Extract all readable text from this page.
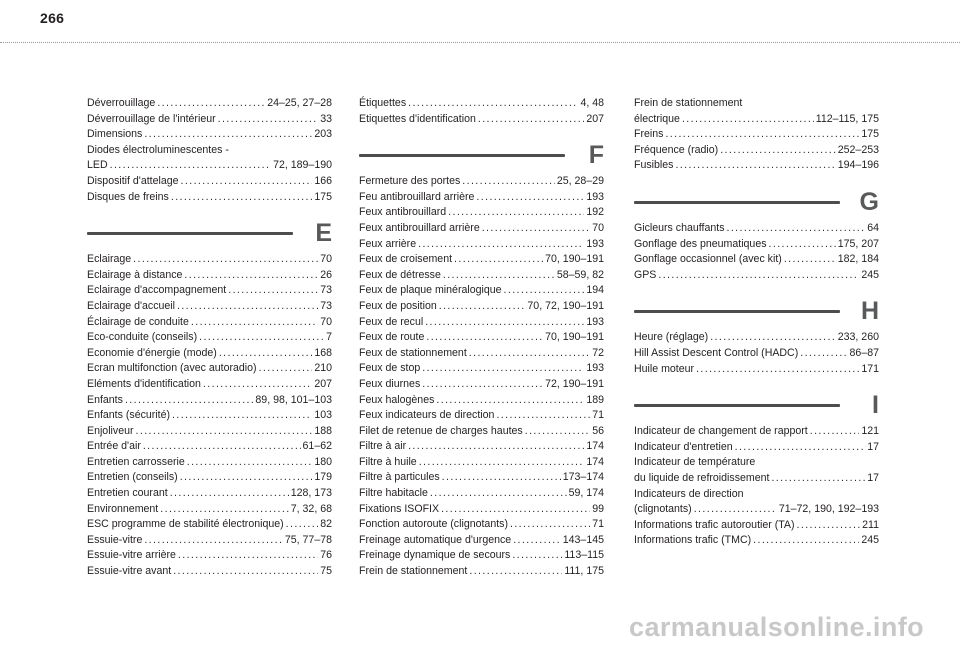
266
Déverrouillage .....	24–25, 27–28
Déverrouillage de l'intérieur .....	33
Dimensions .....	203
Diodes électroluminescentes -
LED .....	72, 189–190
Dispositif d'attelage .....	166
Disques de freins .....	175
E
Eclairage .....	70
Eclairage à distance .....	26
Eclairage d'accompagnement .....	73
Eclairage d'accueil .....	73
Éclairage de conduite .....	70
Eco-conduite (conseils) .....	7
Economie d'énergie (mode) .....	168
Ecran multifonction (avec autoradio) .....	210
Eléments d'identification .....	207
Enfants .....	89, 98, 101–103
Enfants (sécurité) .....	103
Enjoliveur .....	188
Entrée d'air .....	61–62
Entretien carrosserie .....	180
Entretien (conseils) .....	179
Entretien courant .....	128, 173
Environnement .....	7, 32, 68
ESC programme de stabilité électronique) .....	82
Essuie-vitre .....	75, 77–78
Essuie-vitre arrière .....	76
Essuie-vitre avant .....	75
Étiquettes .....	4, 48
Etiquettes d'identification .....	207
F
Fermeture des portes .....	25, 28–29
Feu antibrouillard arrière .....	193
Feux antibrouillard .....	192
Feux antibrouillard arrière .....	70
Feux arrière .....	193
Feux de croisement .....	70, 190–191
Feux de détresse .....	58–59, 82
Feux de plaque minéralogique .....	194
Feux de position .....	70, 72, 190–191
Feux de recul .....	193
Feux de route .....	70, 190–191
Feux de stationnement .....	72
Feux de stop .....	193
Feux diurnes .....	72, 190–191
Feux halogènes .....	189
Feux indicateurs de direction .....	71
Filet de retenue de charges hautes .....	56
Filtre à air .....	174
Filtre à huile .....	174
Filtre à particules .....	173–174
Filtre habitacle .....	59, 174
Fixations ISOFIX .....	99
Fonction autoroute (clignotants) .....	71
Freinage automatique d'urgence .....	143–145
Freinage dynamique de secours .....	113–115
Frein de stationnement .....	111, 175
Frein de stationnement
électrique .....	112–115, 175
Freins .....	175
Fréquence (radio) .....	252–253
Fusibles .....	194–196
G
Gicleurs chauffants .....	64
Gonflage des pneumatiques .....	175, 207
Gonflage occasionnel (avec kit) .....	182, 184
GPS .....	245
H
Heure (réglage) .....	233, 260
Hill Assist Descent Control (HADC) .....	86–87
Huile moteur .....	171
I
Indicateur de changement de rapport .....	121
Indicateur d'entretien .....	17
Indicateur de température
du liquide de refroidissement .....	17
Indicateurs de direction
(clignotants) .....	71–72, 190, 192–193
Informations trafic autoroutier (TA) .....	211
Informations trafic (TMC) .....	245
carmanualsonline.info
